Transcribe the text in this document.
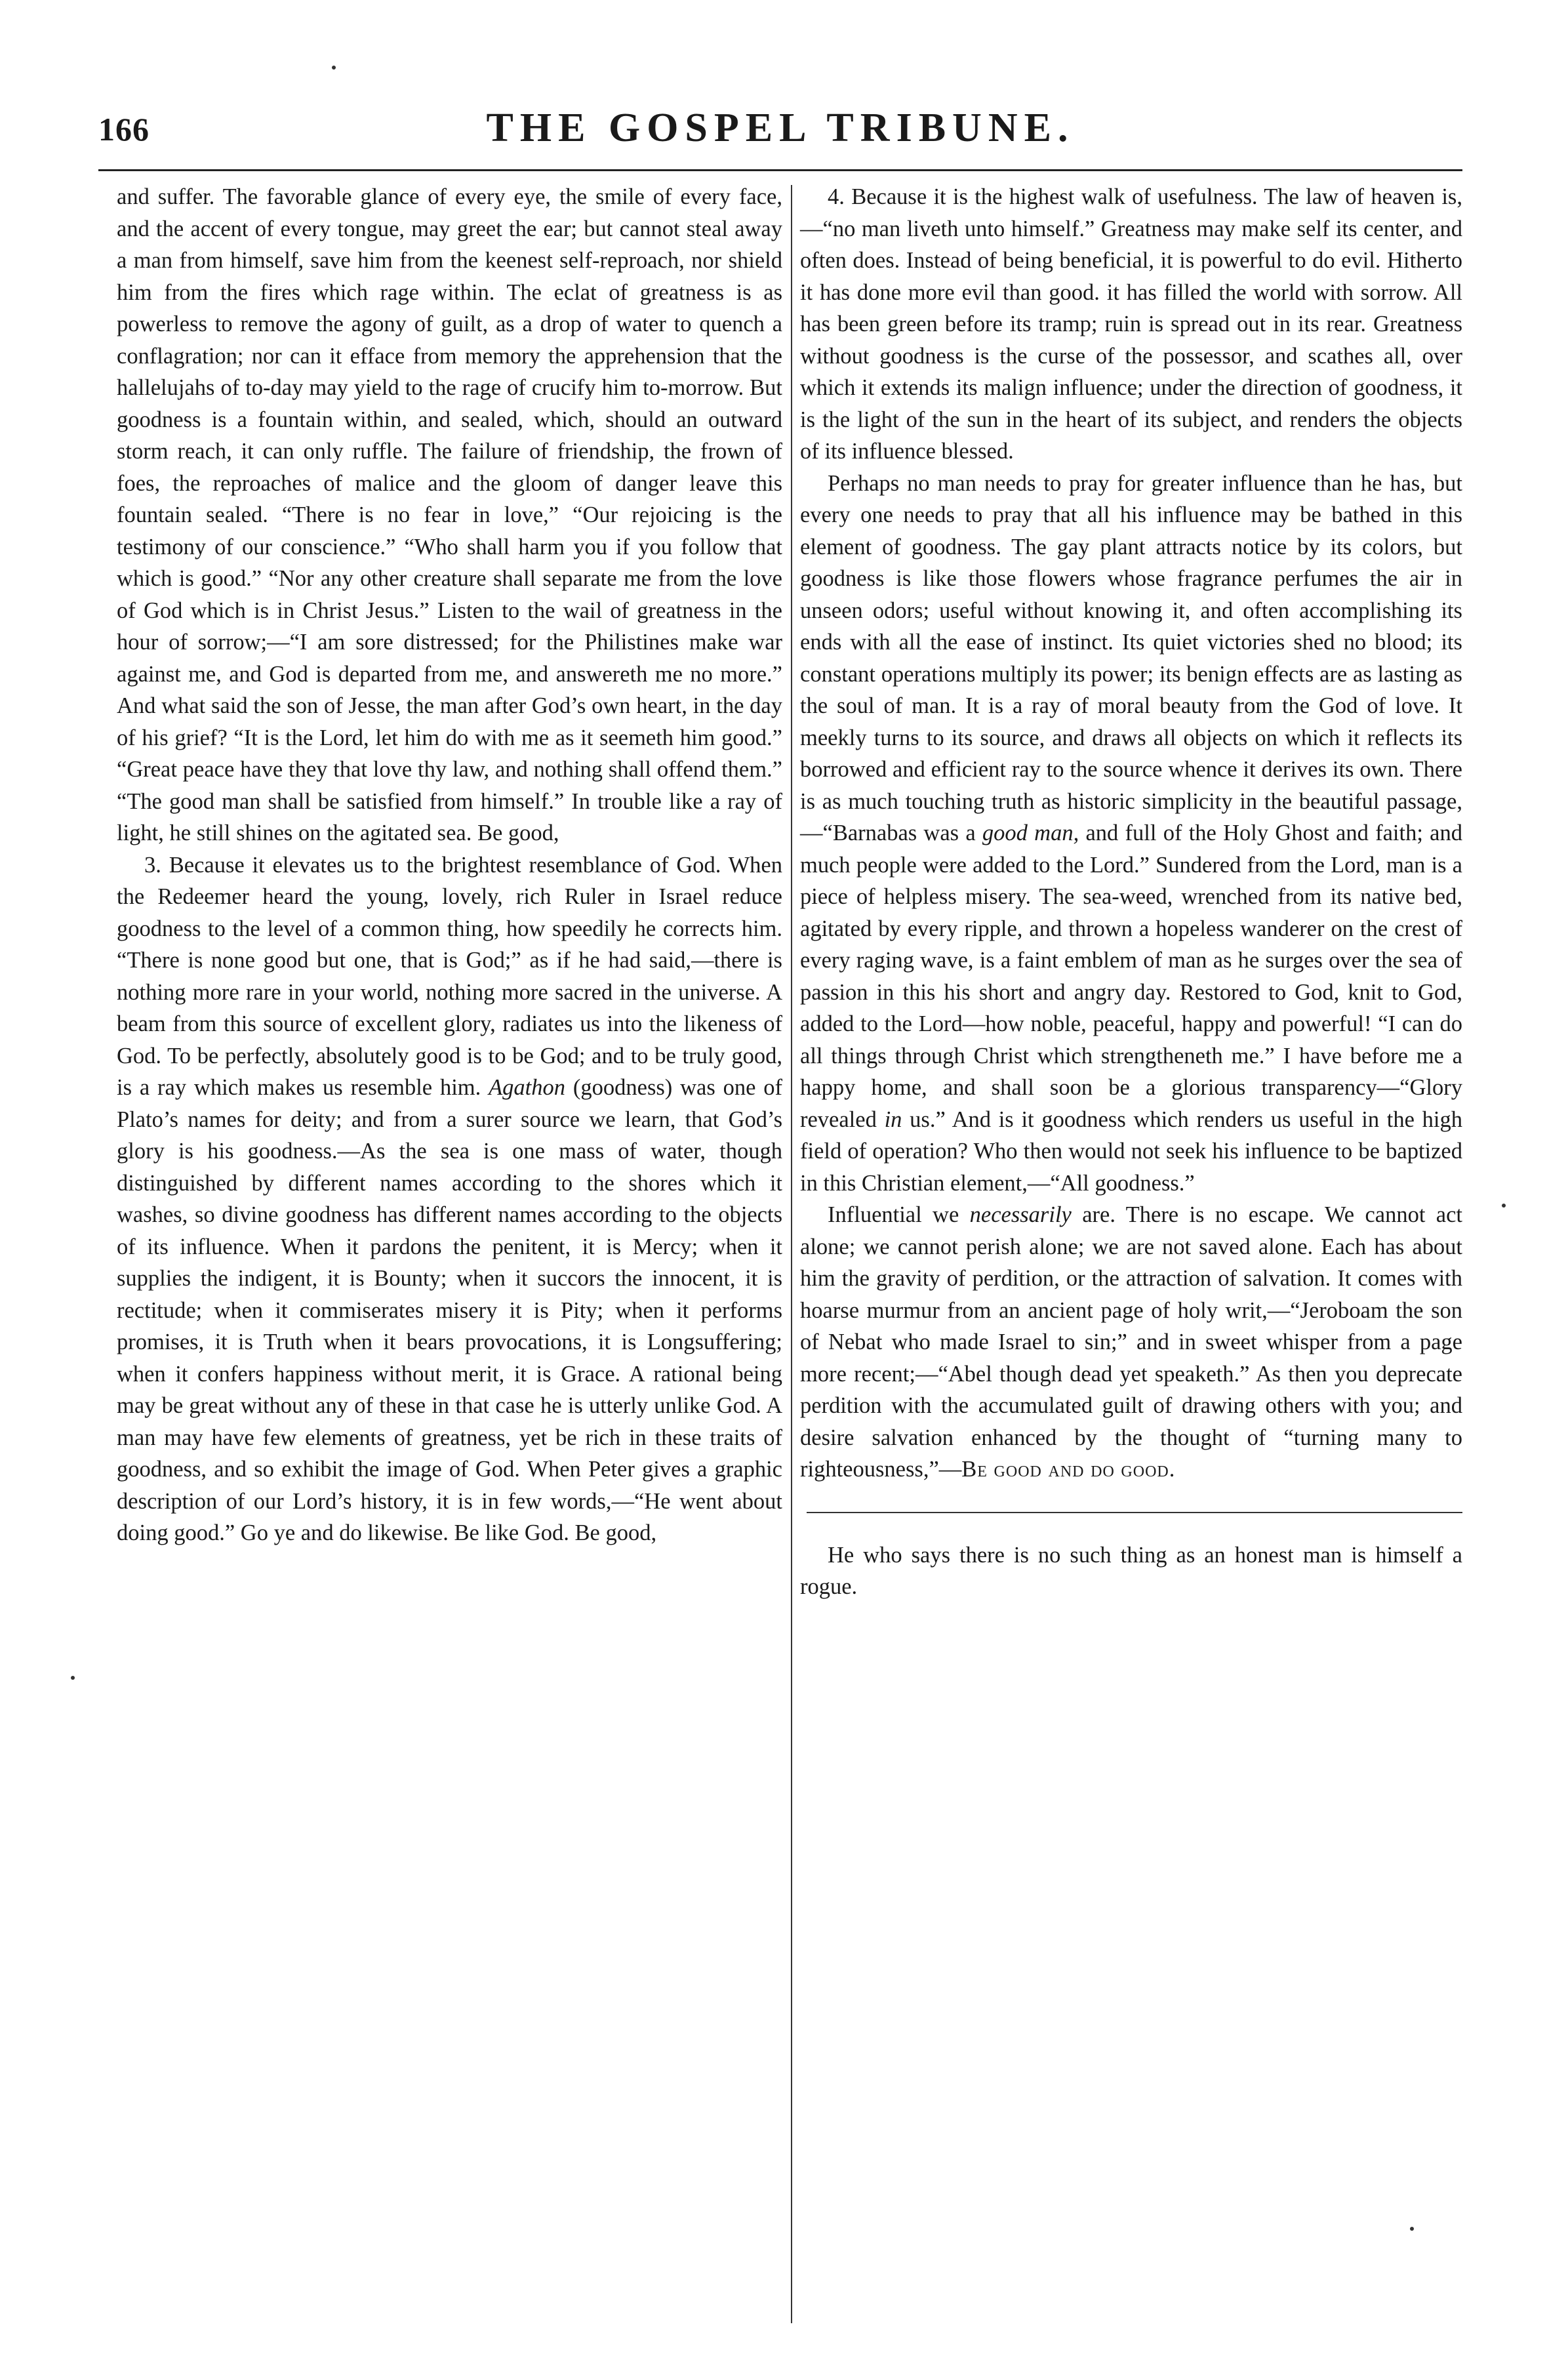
166	THE GOSPEL TRIBUNE.

and suffer. The favorable glance of every eye, the smile of every face, and the accent of every tongue, may greet the ear; but cannot steal away a man from himself, save him from the keenest self-reproach, nor shield him from the fires which rage within. The eclat of greatness is as powerless to remove the agony of guilt, as a drop of water to quench a conflagration; nor can it efface from memory the apprehension that the hallelujahs of to-day may yield to the rage of crucify him to-morrow. But goodness is a fountain within, and sealed, which, should an outward storm reach, it can only ruffle. The failure of friendship, the frown of foes, the reproaches of malice and the gloom of danger leave this fountain sealed. “There is no fear in love,” “Our rejoicing is the testimony of our conscience.” “Who shall harm you if you follow that which is good.” “Nor any other creature shall separate me from the love of God which is in Christ Jesus.” Listen to the wail of greatness in the hour of sorrow;—“I am sore distressed; for the Philistines make war against me, and God is departed from me, and answereth me no more.” And what said the son of Jesse, the man after God’s own heart, in the day of his grief? “It is the Lord, let him do with me as it seemeth him good.” “Great peace have they that love thy law, and nothing shall offend them.” “The good man shall be satisfied from himself.” In trouble like a ray of light, he still shines on the agitated sea. Be good,

3. Because it elevates us to the brightest resemblance of God. When the Redeemer heard the young, lovely, rich Ruler in Israel reduce goodness to the level of a common thing, how speedily he corrects him. “There is none good but one, that is God;” as if he had said,—there is nothing more rare in your world, nothing more sacred in the universe. A beam from this source of excellent glory, radiates us into the likeness of God. To be perfectly, absolutely good is to be God; and to be truly good, is a ray which makes us resemble him. Agathon (goodness) was one of Plato’s names for deity; and from a surer source we learn, that God’s glory is his goodness.—As the sea is one mass of water, though distinguished by different names according to the shores which it washes, so divine goodness has different names according to the objects of its influence. When it pardons the penitent, it is Mercy; when it supplies the indigent, it is Bounty; when it succors the innocent, it is rectitude; when it commiserates misery it is Pity; when it performs promises, it is Truth when it bears provocations, it is Longsuffering; when it confers happiness without merit, it is Grace. A rational being may be great without any of these in that case he is utterly unlike God. A man may have few elements of greatness, yet be rich in these traits of goodness, and so exhibit the image of God. When Peter gives a graphic description of our Lord’s history, it is in few words,—“He went about doing good.” Go ye and do likewise. Be like God. Be good,

4. Because it is the highest walk of usefulness. The law of heaven is,—“no man liveth unto himself.” Greatness may make self its center, and often does. Instead of being beneficial, it is powerful to do evil. Hitherto it has done more evil than good. it has filled the world with sorrow. All has been green before its tramp; ruin is spread out in its rear. Greatness without goodness is the curse of the possessor, and scathes all, over which it extends its malign influence; under the direction of goodness, it is the light of the sun in the heart of its subject, and renders the objects of its influence blessed.

Perhaps no man needs to pray for greater influence than he has, but every one needs to pray that all his influence may be bathed in this element of goodness. The gay plant attracts notice by its colors, but goodness is like those flowers whose fragrance perfumes the air in unseen odors; useful without knowing it, and often accomplishing its ends with all the ease of instinct. Its quiet victories shed no blood; its constant operations multiply its power; its benign effects are as lasting as the soul of man. It is a ray of moral beauty from the God of love. It meekly turns to its source, and draws all objects on which it reflects its borrowed and efficient ray to the source whence it derives its own. There is as much touching truth as historic simplicity in the beautiful passage,—“Barnabas was a good man, and full of the Holy Ghost and faith; and much people were added to the Lord.” Sundered from the Lord, man is a piece of helpless misery. The sea-weed, wrenched from its native bed, agitated by every ripple, and thrown a hopeless wanderer on the crest of every raging wave, is a faint emblem of man as he surges over the sea of passion in this his short and angry day. Restored to God, knit to God, added to the Lord—how noble, peaceful, happy and powerful! “I can do all things through Christ which strengtheneth me.” I have before me a happy home, and shall soon be a glorious transparency—“Glory revealed in us.” And is it goodness which renders us useful in the high field of operation? Who then would not seek his influence to be baptized in this Christian element,—“All goodness.”

Influential we necessarily are. There is no escape. We cannot act alone; we cannot perish alone; we are not saved alone. Each has about him the gravity of perdition, or the attraction of salvation. It comes with hoarse murmur from an ancient page of holy writ,—“Jeroboam the son of Nebat who made Israel to sin;” and in sweet whisper from a page more recent;—“Abel though dead yet speaketh.” As then you deprecate perdition with the accumulated guilt of drawing others with you; and desire salvation enhanced by the thought of “turning many to righteousness,”—Be good and do good.

He who says there is no such thing as an honest man is himself a rogue.
